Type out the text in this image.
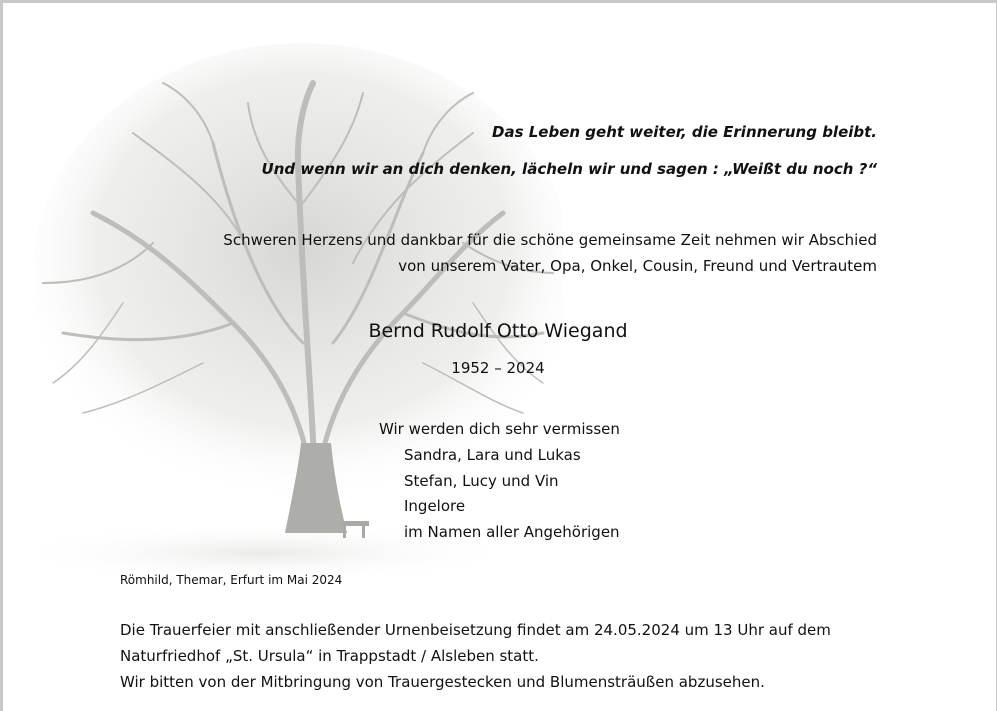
Das Leben geht weiter, die Erinnerung bleibt.
Und wenn wir an dich denken, lächeln wir und sagen : „Weißt du noch ?“
Schweren Herzens und dankbar für die schöne gemeinsame Zeit nehmen wir Abschied
von unserem Vater, Opa, Onkel, Cousin, Freund und Vertrautem
Bernd Rudolf Otto Wiegand
1952 – 2024
Wir werden dich sehr vermissen
Sandra, Lara und Lukas
Stefan, Lucy und Vin
Ingelore
im Namen aller Angehörigen
Römhild, Themar, Erfurt im Mai 2024
Die Trauerfeier mit anschließender Urnenbeisetzung findet am 24.05.2024 um 13 Uhr auf dem
Naturfriedhof „St. Ursula“ in Trappstadt / Alsleben statt.
Wir bitten von der Mitbringung von Trauergestecken und Blumensträußen abzusehen.
